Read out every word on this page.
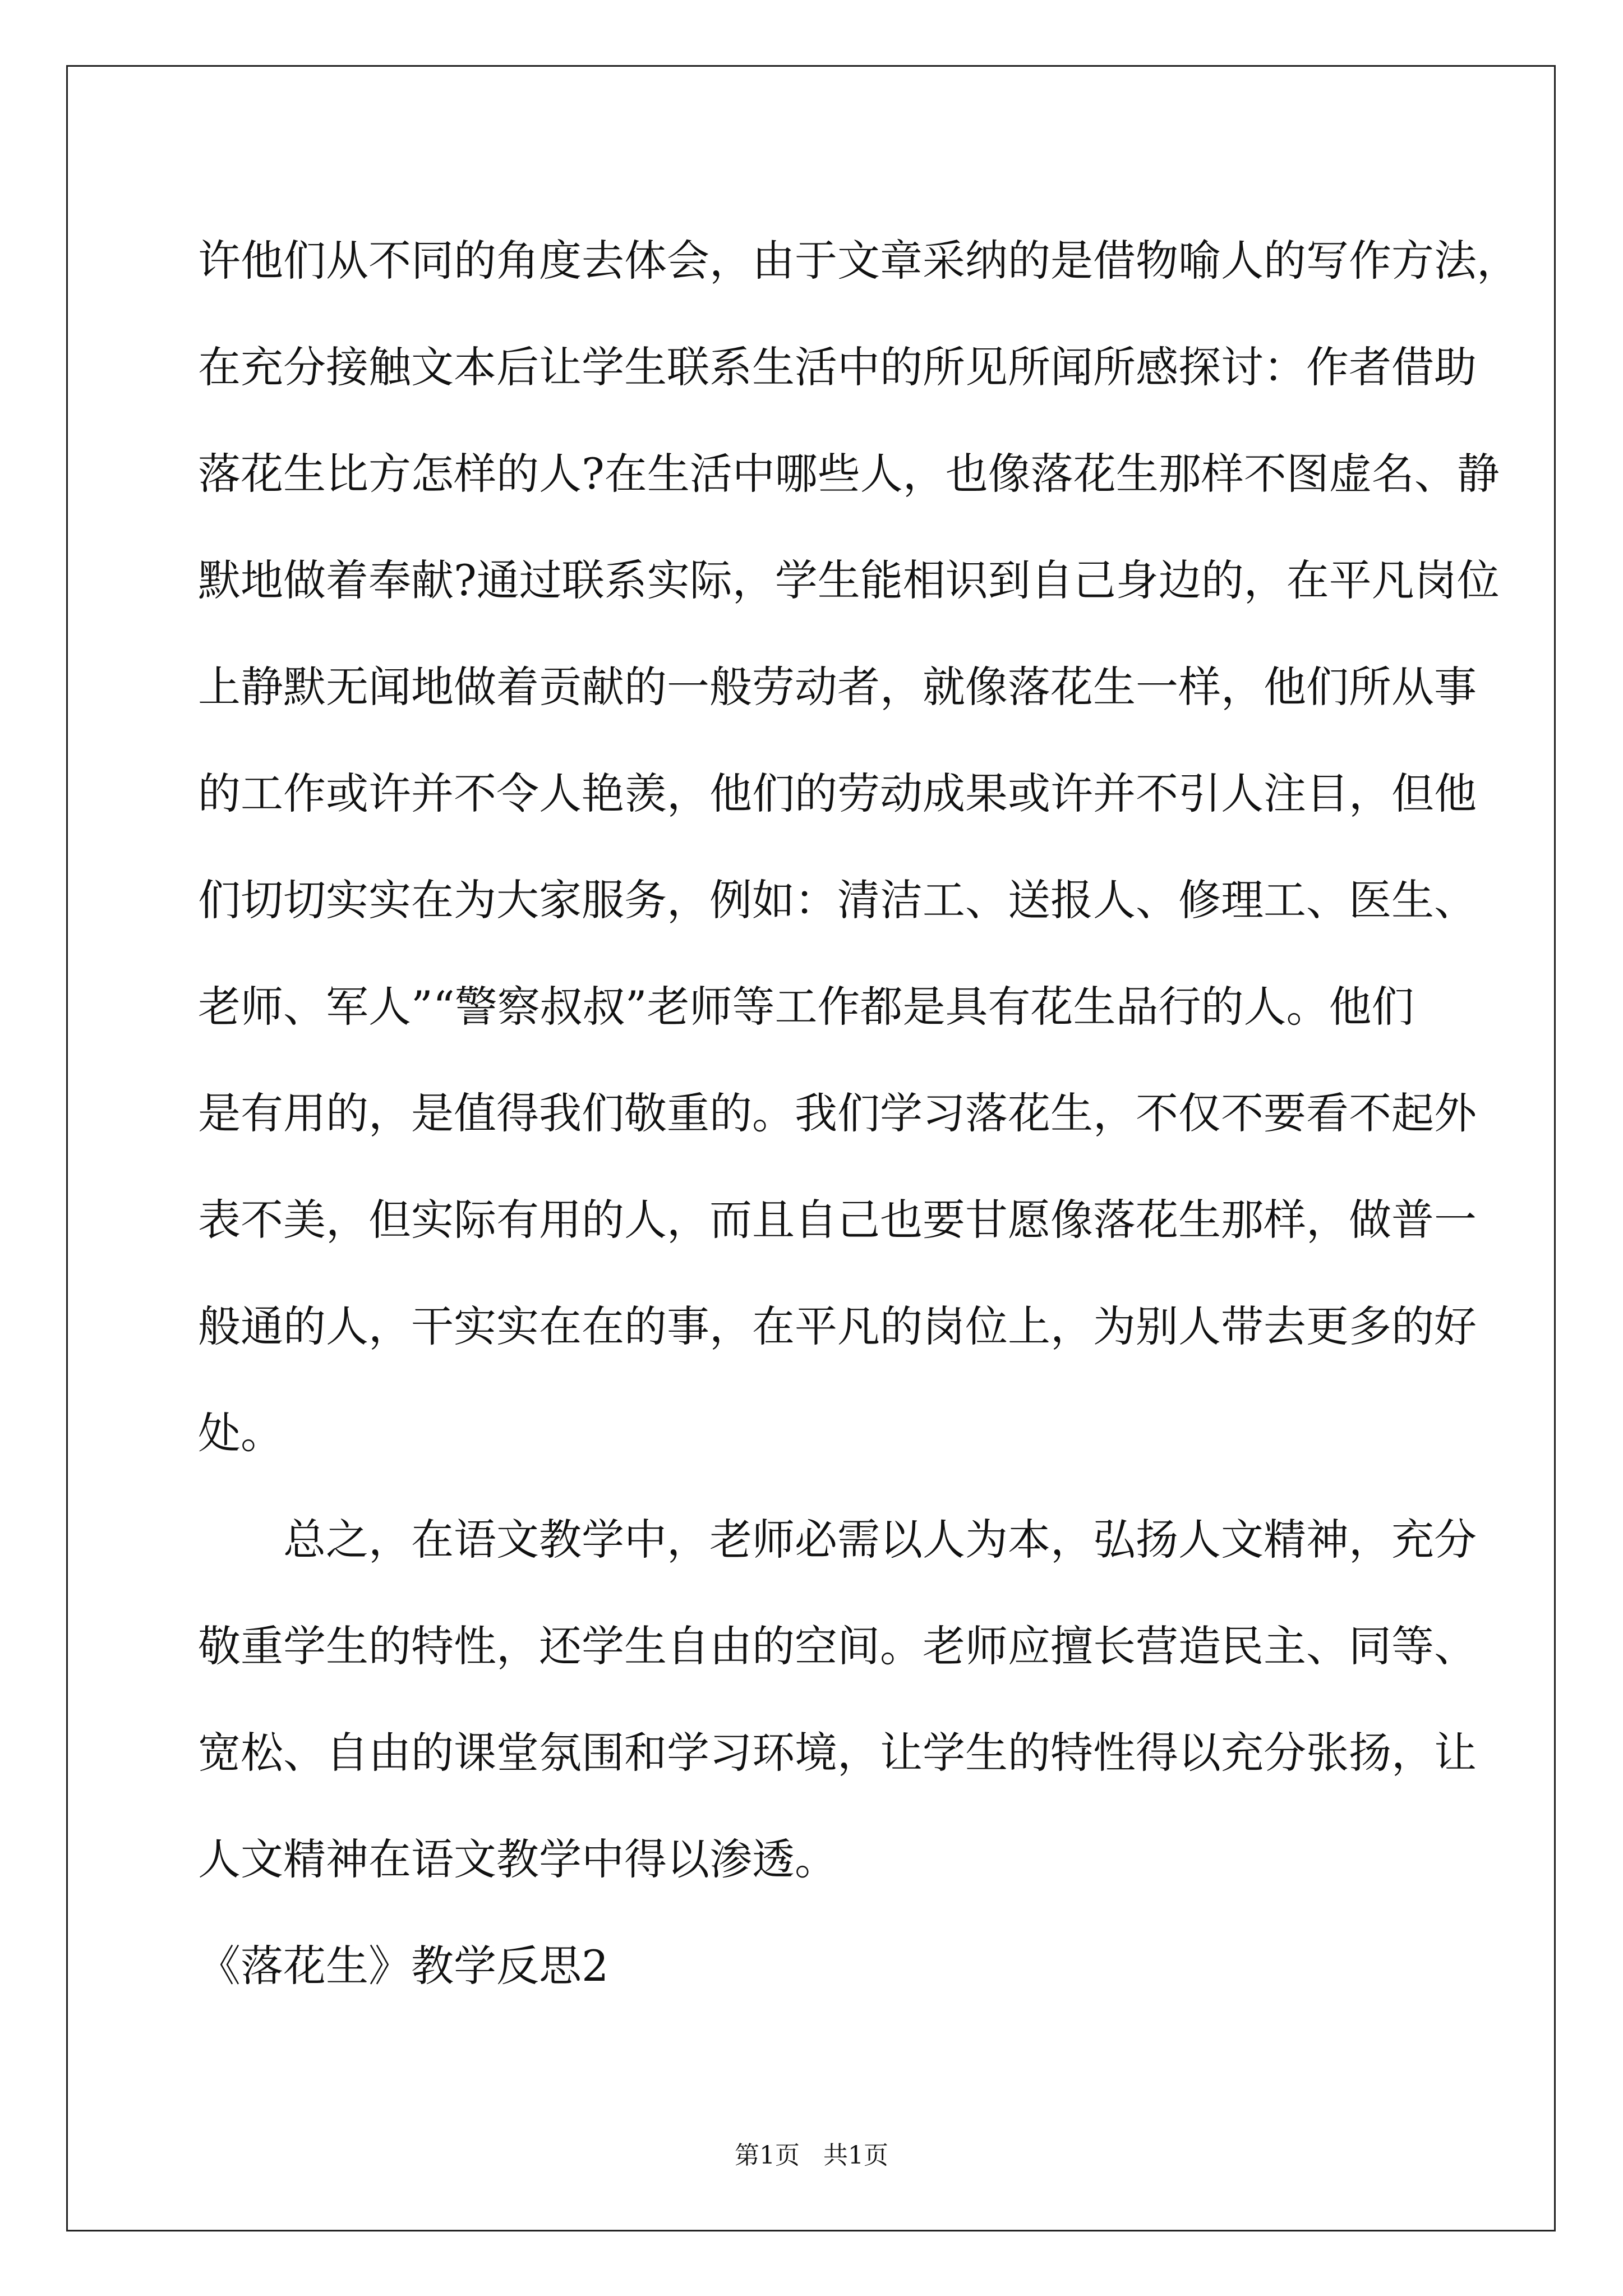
许他们从不同的角度去体会，由于文章采纳的是借物喻人的写作方法，
在充分接触文本后让学生联系生活中的所见所闻所感探讨：作者借助
落花生比方怎样的人?在生活中哪些人，也像落花生那样不图虚名、静
默地做着奉献?通过联系实际，学生能相识到自己身边的，在平凡岗位
上静默无闻地做着贡献的一般劳动者，就像落花生一样，他们所从事
的工作或许并不令人艳羡，他们的劳动成果或许并不引人注目，但他
们切切实实在为大家服务，例如：清洁工、送报人、修理工、医生、
老师、军人”“警察叔叔”老师等工作都是具有花生品行的人。他们
是有用的，是值得我们敬重的。我们学习落花生，不仅不要看不起外
表不美，但实际有用的人，而且自己也要甘愿像落花生那样，做普一
般通的人，干实实在在的事，在平凡的岗位上，为别人带去更多的好
处。
总之，在语文教学中，老师必需以人为本，弘扬人文精神，充分
敬重学生的特性，还学生自由的空间。老师应擅长营造民主、同等、
宽松、自由的课堂氛围和学习环境，让学生的特性得以充分张扬，让
人文精神在语文教学中得以渗透。
《落花生》教学反思2
第1页   共1页
